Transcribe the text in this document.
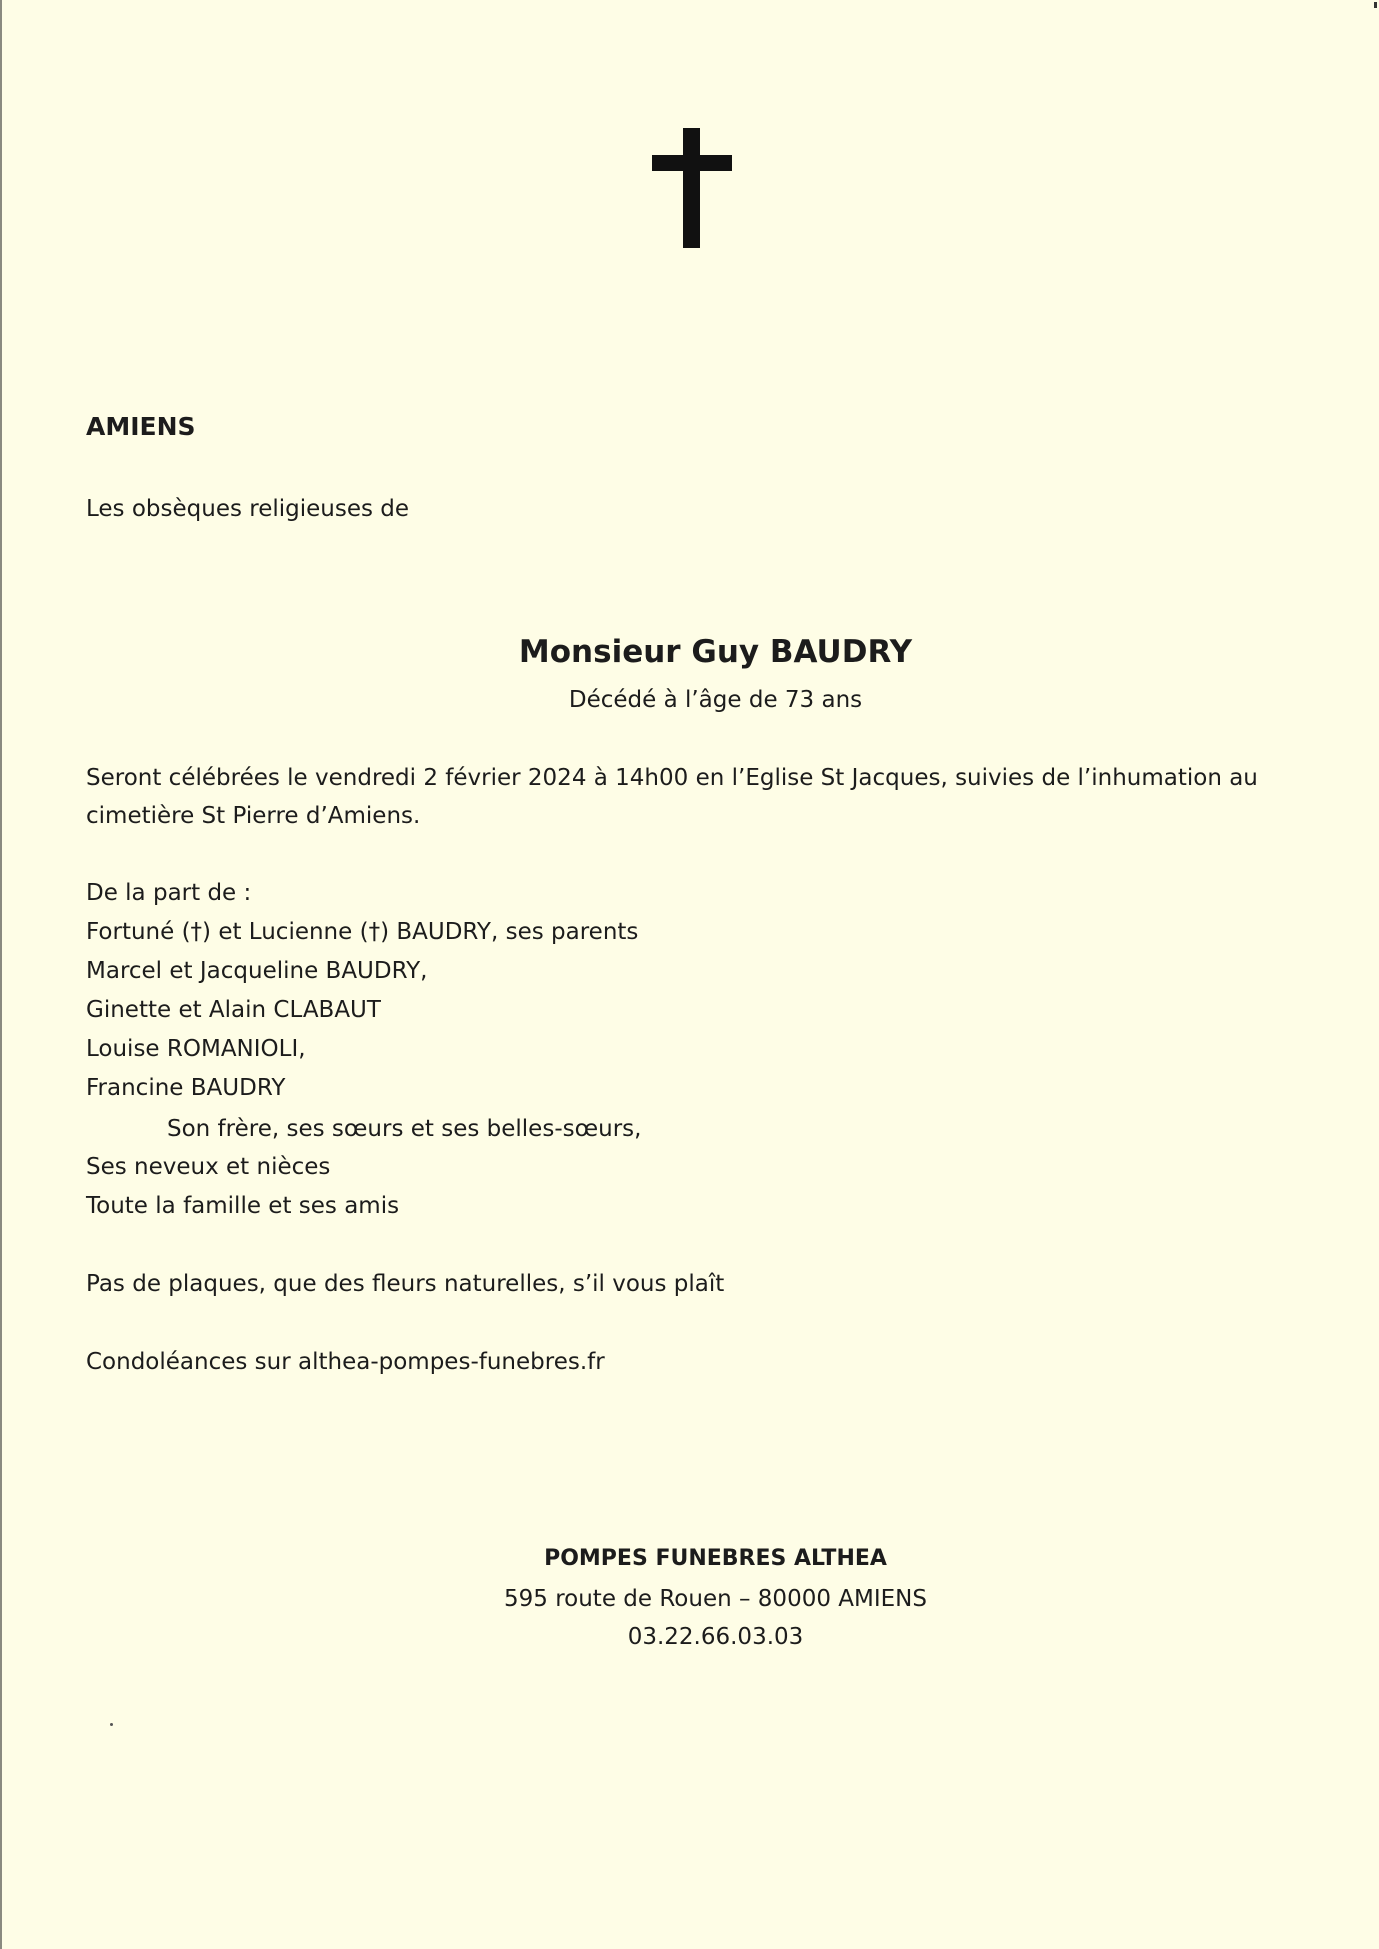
AMIENS
Les obsèques religieuses de
Monsieur Guy BAUDRY
Décédé à l’âge de 73 ans
Seront célébrées le vendredi 2 février 2024 à 14h00 en l’Eglise St Jacques, suivies de l’inhumation au
cimetière St Pierre d’Amiens.
De la part de :
Fortuné (†) et Lucienne (†) BAUDRY, ses parents
Marcel et Jacqueline BAUDRY,
Ginette et Alain CLABAUT
Louise ROMANIOLI,
Francine BAUDRY
Son frère, ses sœurs et ses belles-sœurs,
Ses neveux et nièces
Toute la famille et ses amis
Pas de plaques, que des fleurs naturelles, s’il vous plaît
Condoléances sur althea-pompes-funebres.fr
POMPES FUNEBRES ALTHEA
595 route de Rouen – 80000 AMIENS
03.22.66.03.03
